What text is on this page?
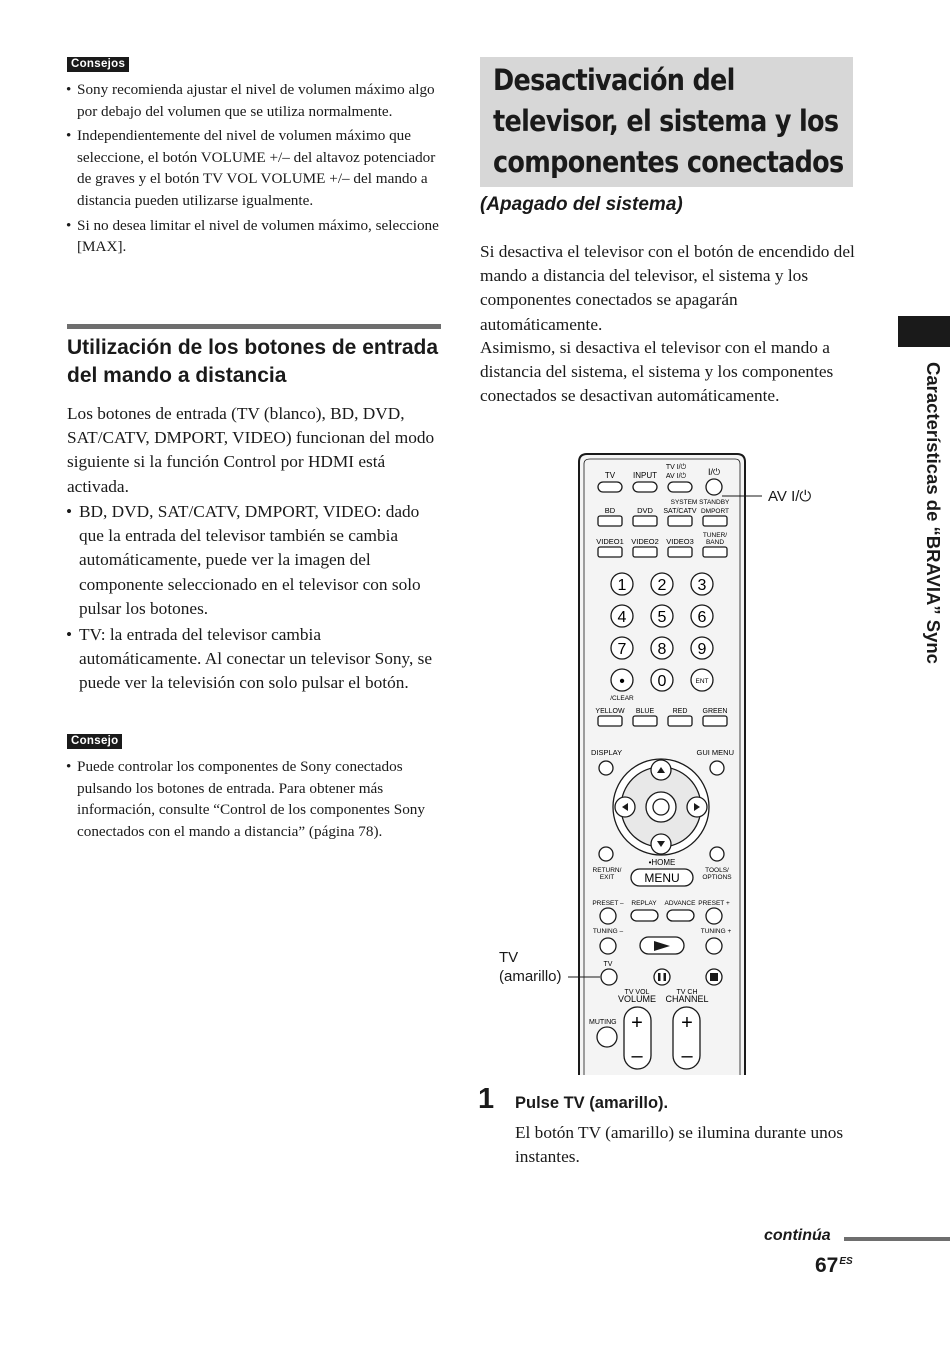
Consejos
• Sony recomienda ajustar el nivel de volumen máximo algo por debajo del volumen que se utiliza normalmente.
• Independientemente del nivel de volumen máximo que seleccione, el botón VOLUME +/– del altavoz potenciador de graves y el botón TV VOL VOLUME +/– del mando a distancia pueden utilizarse igualmente.
• Si no desea limitar el nivel de volumen máximo, seleccione [MAX].
Utilización de los botones de entrada del mando a distancia
Los botones de entrada (TV (blanco), BD, DVD, SAT/CATV, DMPORT, VIDEO) funcionan del modo siguiente si la función Control por HDMI está activada.
• BD, DVD, SAT/CATV, DMPORT, VIDEO: dado que la entrada del televisor también se cambia automáticamente, puede ver la imagen del componente seleccionado en el televisor con solo pulsar los botones.
• TV: la entrada del televisor cambia automáticamente. Al conectar un televisor Sony, se puede ver la televisión con solo pulsar el botón.
Consejo
• Puede controlar los componentes de Sony conectados pulsando los botones de entrada. Para obtener más información, consulte “Control de los componentes Sony conectados con el mando a distancia” (página 78).
Desactivación del
televisor, el sistema y los
componentes conectados
(Apagado del sistema)
Si desactiva el televisor con el botón de encendido del mando a distancia del televisor, el sistema y los componentes conectados se apagarán automáticamente.
Asimismo, si desactiva el televisor con el mando a distancia del sistema, el sistema y los componentes conectados se desactivan automáticamente.	Características de “BRAVIA” Sync
TV INPUT
TV I/⏻
AV I/⏻ I/⏻
SYSTEM STANDBY
BD	DVD SAT/CATV DMPORT
VIDEO1 VIDEO2 VIDEO3
TUNER/
BAND
1 2 3
4 5 6
7 8 9
• 0	ENT
/CLEAR
YELLOW BLUE	RED GREEN
DISPLAY	GUI MENU
RETURN/
EXIT
•HOME
MENU
TOOLS/
OPTIONS
PRESET – REPLAY ADVANCE PRESET +
TUNING –	TUNING +
TV
TV VOL
VOLUME
TV CH
CHANNEL
+
–
+
–
MUTING
AV I/⏻
TV
(amarillo)
1 Pulse TV (amarillo).
El botón TV (amarillo) se ilumina durante unos instantes.
continúa
$67^{ES}$
